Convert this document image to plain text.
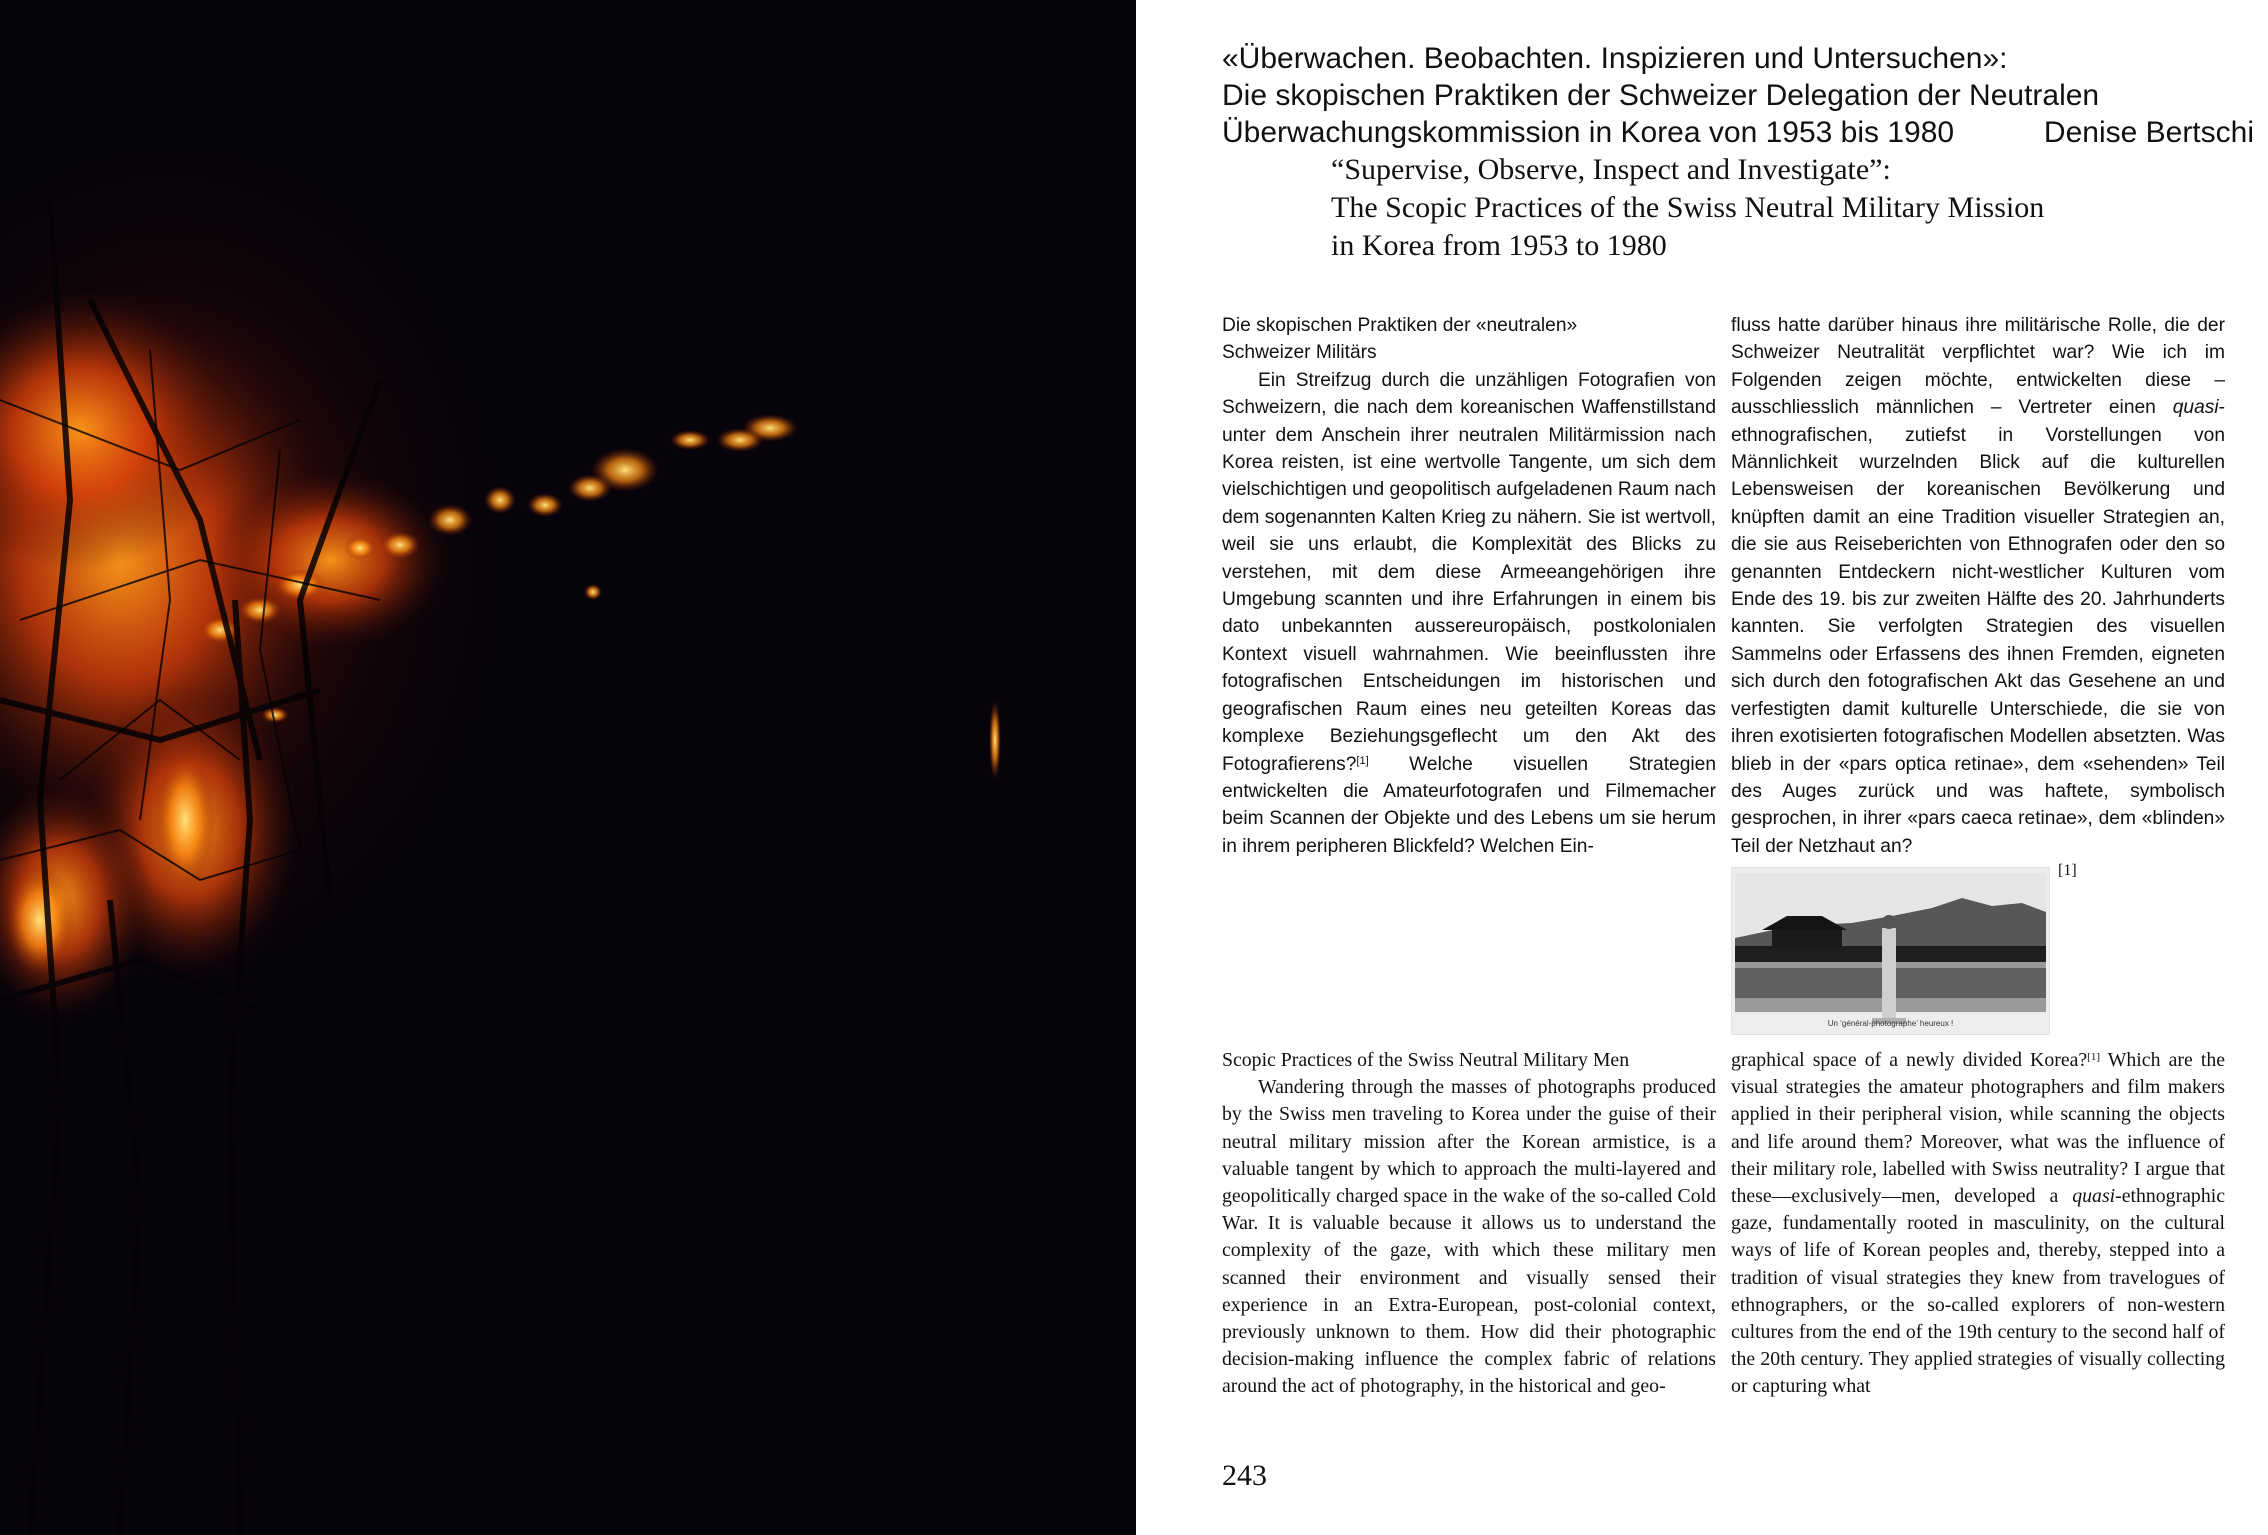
«Überwachen. Beobachten. Inspizieren und Untersuchen»:
Die skopischen Praktiken der Schweizer Delegation der Neutralen
Überwachungskommission in Korea von 1953 bis 1980	Denise Bertschi
“Supervise, Observe, Inspect and Investigate”:
The Scopic Practices of the Swiss Neutral Military Mission
in Korea from 1953 to 1980

Die skopischen Praktiken der «neutralen»
Schweizer Militärs

Ein Streifzug durch die unzähligen Fotografien von Schweizern, die nach dem koreanischen Waffenstillstand unter dem Anschein ihrer neutralen Militärmission nach Korea reisten, ist eine wertvolle Tangente, um sich dem vielschichtigen und geopolitisch aufgeladenen Raum nach dem sogenannten Kalten Krieg zu nähern. Sie ist wertvoll, weil sie uns erlaubt, die Komplexität des Blicks zu verstehen, mit dem diese Armeeangehörigen ihre Umgebung scannten und ihre Erfahrungen in einem bis dato unbekannten aussereuropäisch, postkolonialen Kontext visuell wahrnahmen. Wie beeinflussten ihre fotografischen Entscheidungen im historischen und geografischen Raum eines neu geteilten Koreas das komplexe Beziehungsgeflecht um den Akt des Fotografierens?[1] Welche visuellen Strategien entwickelten die Amateurfotografen und Filmemacher beim Scannen der Objekte und des Lebens um sie herum in ihrem peripheren Blickfeld? Welchen Ein-

fluss hatte darüber hinaus ihre militärische Rolle, die der Schweizer Neutralität verpflichtet war? Wie ich im Folgenden zeigen möchte, entwickelten diese – ausschliesslich männlichen – Vertreter einen quasi-ethnografischen, zutiefst in Vorstellungen von Männlichkeit wurzelnden Blick auf die kulturellen Lebensweisen der koreanischen Bevölkerung und knüpften damit an eine Tradition visueller Strategien an, die sie aus Reiseberichten von Ethnografen oder den so genannten Entdeckern nicht-westlicher Kulturen vom Ende des 19. bis zur zweiten Hälfte des 20. Jahrhunderts kannten. Sie verfolgten Strategien des visuellen Sammelns oder Erfassens des ihnen Fremden, eigneten sich durch den fotografischen Akt das Gesehene an und verfestigten damit kulturelle Unterschiede, die sie von ihren exotisierten fotografischen Modellen absetzten. Was blieb in der «pars optica retinae», dem «sehenden» Teil des Auges zurück und was haftete, symbolisch gesprochen, in ihrer «pars caeca retinae», dem «blinden» Teil der Netzhaut an?

Un ‘général-photographe’ heureux !
[1]

Scopic Practices of the Swiss Neutral Military Men

Wandering through the masses of photographs produced by the Swiss men traveling to Korea under the guise of their neutral military mission after the Korean armistice, is a valuable tangent by which to approach the multi-layered and geopolitically charged space in the wake of the so-called Cold War. It is valuable because it allows us to understand the complexity of the gaze, with which these military men scanned their environment and visually sensed their experience in an Extra-European, post-colonial context, previously unknown to them. How did their photographic decision-making influence the complex fabric of relations around the act of photography, in the historical and geo-

graphical space of a newly divided Korea?[1] Which are the visual strategies the amateur photographers and film makers applied in their peripheral vision, while scanning the objects and life around them? Moreover, what was the influence of their military role, labelled with Swiss neutrality? I argue that these—exclusively—men, developed a quasi-ethnographic gaze, fundamentally rooted in masculinity, on the cultural ways of life of Korean peoples and, thereby, stepped into a tradition of visual strategies they knew from travelogues of ethnographers, or the so-called explorers of non-western cultures from the end of the 19th century to the second half of the 20th century. They applied strategies of visually collecting or capturing what

243
